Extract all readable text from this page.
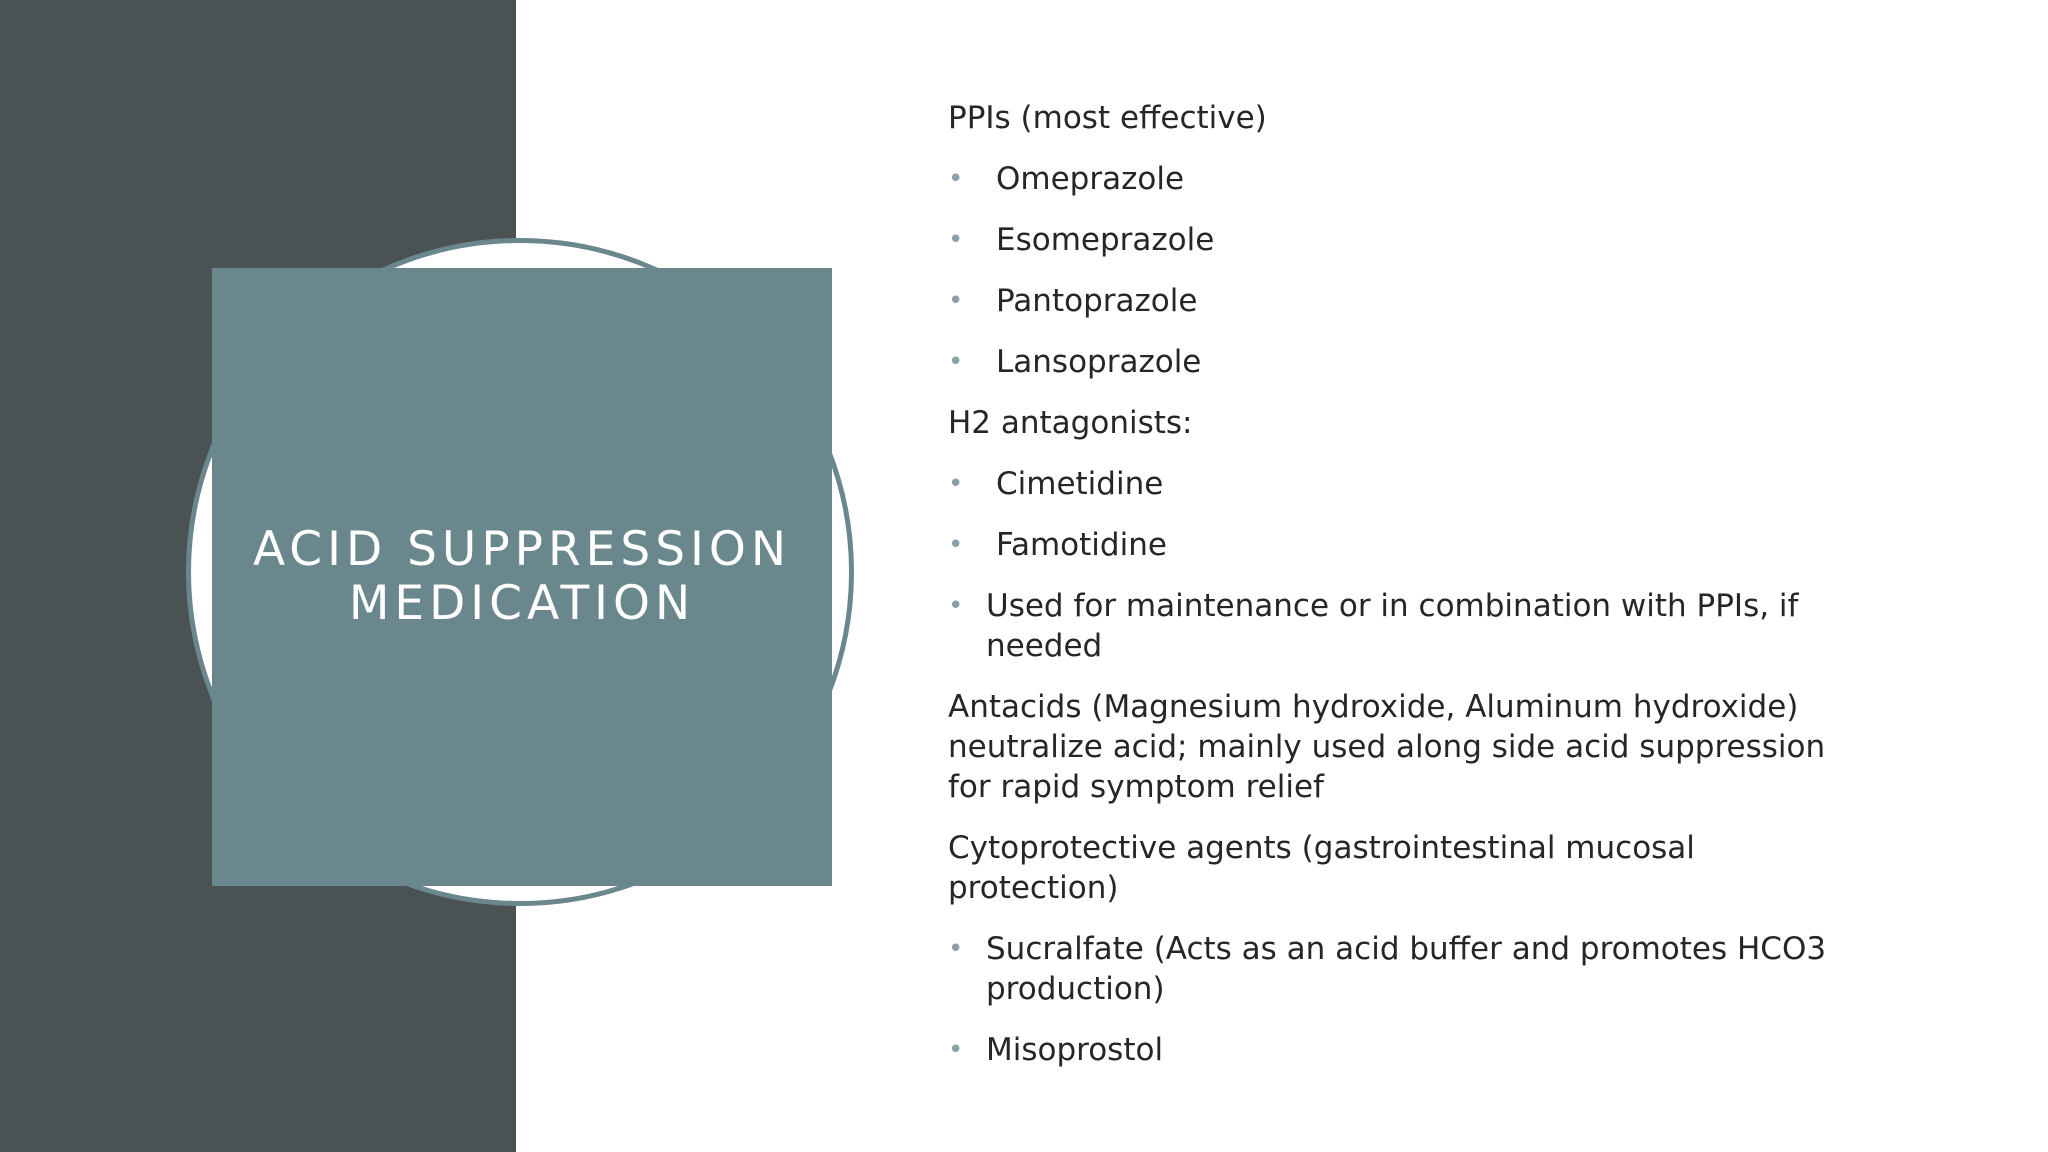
ACID SUPPRESSION MEDICATION

PPIs (most effective)

• Omeprazole
• Esomeprazole
• Pantoprazole
• Lansoprazole

H2 antagonists:

• Cimetidine
• Famotidine
• Used for maintenance or in combination with PPIs, if needed

Antacids (Magnesium hydroxide, Aluminum hydroxide) neutralize acid; mainly used along side acid suppression for rapid symptom relief

Cytoprotective agents (gastrointestinal mucosal protection)

• Sucralfate (Acts as an acid buffer and promotes HCO3 production)
• Misoprostol
